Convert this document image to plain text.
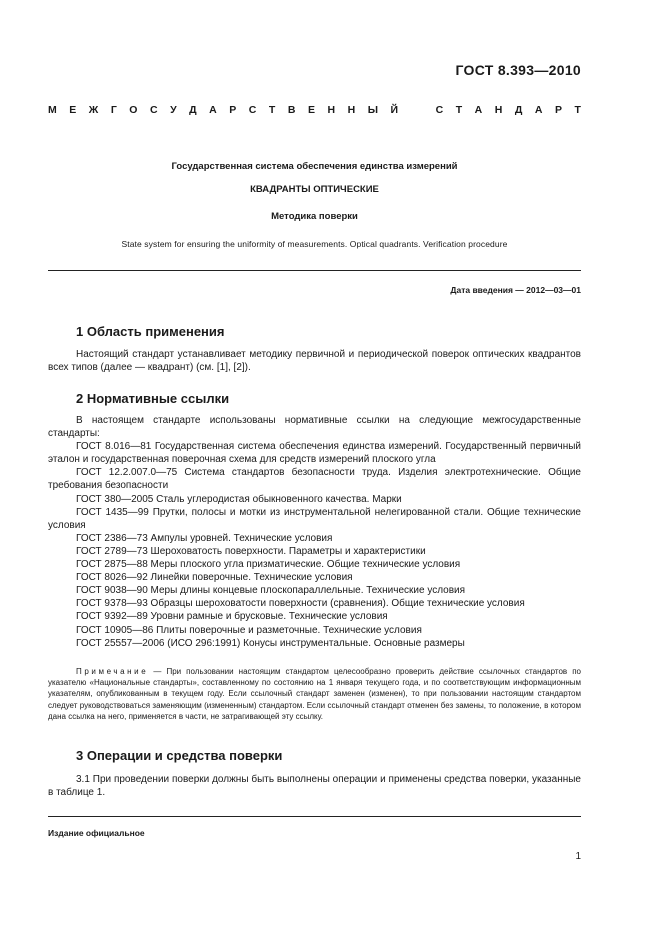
ГОСТ 8.393—2010
М Е Ж Г О С У Д А Р С Т В Е Н Н Ы Й	С Т А Н Д А Р Т
Государственная система обеспечения единства измерений
КВАДРАНТЫ ОПТИЧЕСКИЕ
Методика поверки
State system for ensuring the uniformity of measurements. Optical quadrants. Verification procedure
Дата введения — 2012—03—01
1 Область применения

Настоящий стандарт устанавливает методику первичной и периодической поверок оптических квадрантов всех типов (далее — квадрант) (см. [1], [2]).

2 Нормативные ссылки

В настоящем стандарте использованы нормативные ссылки на следующие межгосударственные стандарты:

ГОСТ 8.016—81 Государственная система обеспечения единства измерений. Государственный первичный эталон и государственная поверочная схема для средств измерений плоского угла

ГОСТ 12.2.007.0—75 Система стандартов безопасности труда. Изделия электротехнические. Общие требования безопасности

ГОСТ 380—2005 Сталь углеродистая обыкновенного качества. Марки

ГОСТ 1435—99 Прутки, полосы и мотки из инструментальной нелегированной стали. Общие технические условия

ГОСТ 2386—73 Ампулы уровней. Технические условия

ГОСТ 2789—73 Шероховатость поверхности. Параметры и характеристики

ГОСТ 2875—88 Меры плоского угла призматические. Общие технические условия

ГОСТ 8026—92 Линейки поверочные. Технические условия

ГОСТ 9038—90 Меры длины концевые плоскопараллельные. Технические условия

ГОСТ 9378—93 Образцы шероховатости поверхности (сравнения). Общие технические условия

ГОСТ 9392—89 Уровни рамные и брусковые. Технические условия

ГОСТ 10905—86 Плиты поверочные и разметочные. Технические условия

ГОСТ 25557—2006 (ИСО 296:1991) Конусы инструментальные. Основные размеры

Примечание — При пользовании настоящим стандартом целесообразно проверить действие ссылочных стандартов по указателю «Национальные стандарты», составленному по состоянию на 1 января текущего года, и по соответствующим информационным указателям, опубликованным в текущем году. Если ссылочный стандарт заменен (изменен), то при пользовании настоящим стандартом следует руководствоваться заменяющим (измененным) стандартом. Если ссылочный стандарт отменен без замены, то положение, в котором дана ссылка на него, применяется в части, не затрагивающей эту ссылку.

3 Операции и средства поверки

3.1 При проведении поверки должны быть выполнены операции и применены средства поверки, указанные в таблице 1.

Издание официальное
1
